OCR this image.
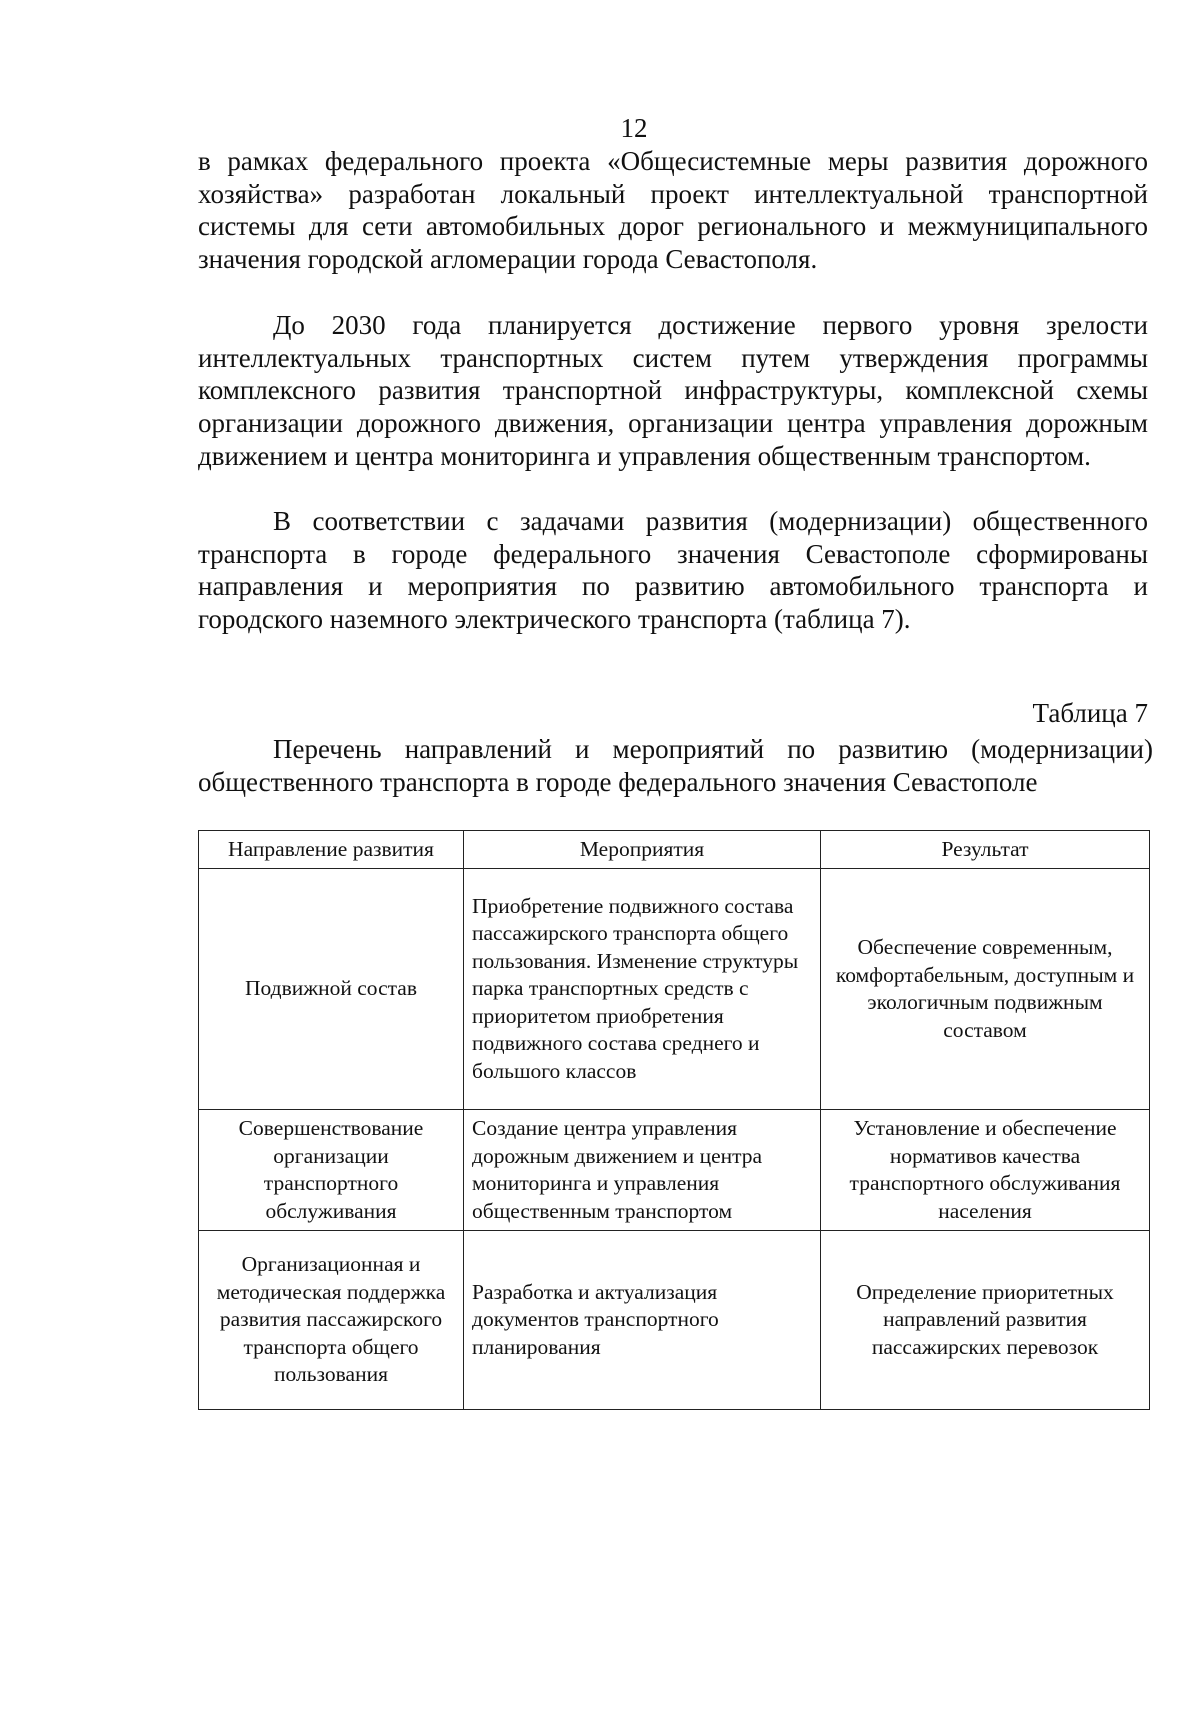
12

в рамках федерального проекта «Общесистемные меры развития дорожного хозяйства» разработан локальный проект интеллектуальной транспортной системы для сети автомобильных дорог регионального и межмуниципального значения городской агломерации города Севастополя.

До 2030 года планируется достижение первого уровня зрелости интеллектуальных транспортных систем путем утверждения программы комплексного развития транспортной инфраструктуры, комплексной схемы организации дорожного движения, организации центра управления дорожным движением и центра мониторинга и управления общественным транспортом.

В соответствии с задачами развития (модернизации) общественного транспорта в городе федерального значения Севастополе сформированы направления и мероприятия по развитию автомобильного транспорта и городского наземного электрического транспорта (таблица 7).

Таблица 7
Перечень направлений и мероприятий по развитию (модернизации) общественного транспорта в городе федерального значения Севастополе
Направление развития	Мероприятия	Результат
Подвижной состав	Приобретение подвижного состава пассажирского транспорта общего пользования. Изменение структуры парка транспортных средств с приоритетом приобретения подвижного состава среднего и большого классов	Обеспечение современным, комфортабельным, доступным и экологичным подвижным составом
Совершенствование организации транспортного обслуживания	Создание центра управления дорожным движением и центра мониторинга и управления общественным транспортом	Установление и обеспечение нормативов качества транспортного обслуживания населения
Организационная и методическая поддержка развития пассажирского транспорта общего пользования	Разработка и актуализация документов транспортного планирования	Определение приоритетных направлений развития пассажирских перевозок
